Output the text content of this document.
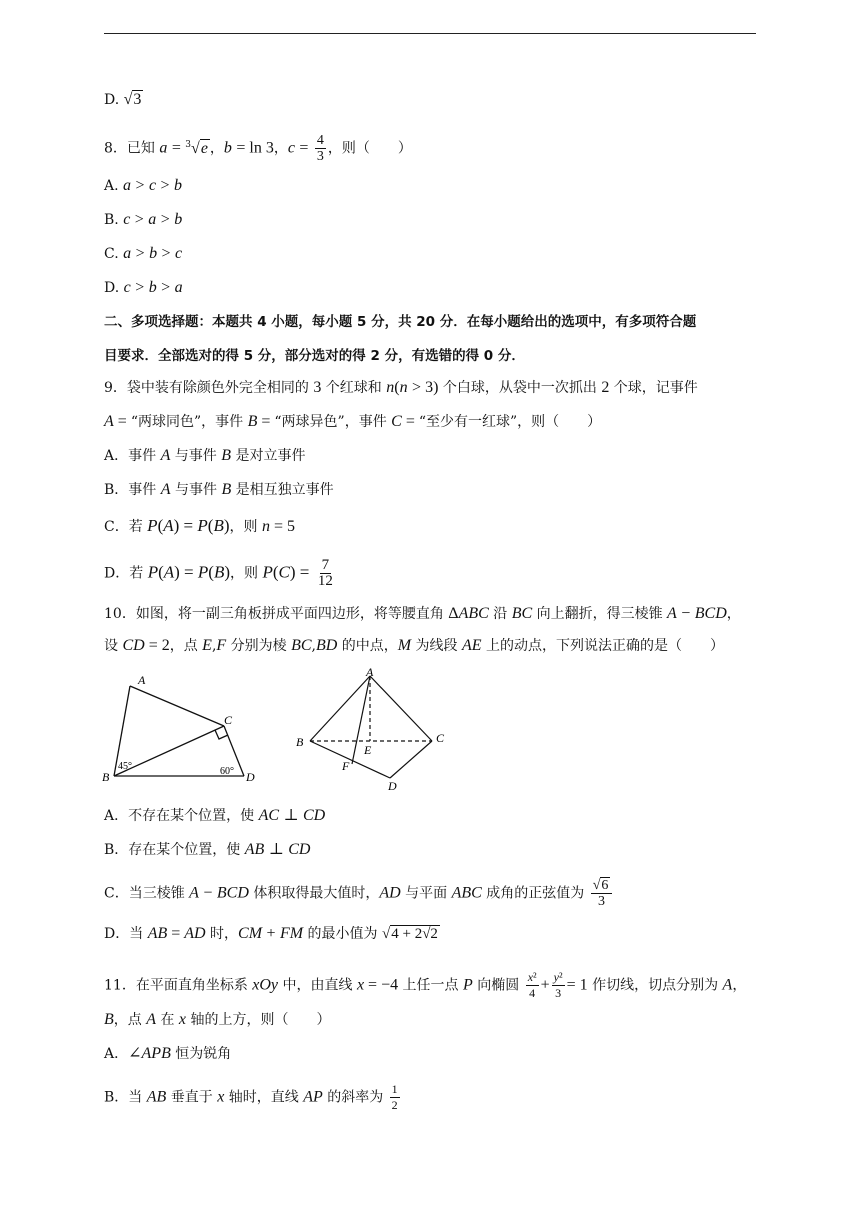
D. √3
8．已知 a = $^3$√e ，b = ln 3，$c = \frac{4}{3}$ ，则（　　）
A. a > c > b
B. c > a > b
C. a > b > c
D. c > b > a
二、多项选择题：本题共 4 小题，每小题 5 分，共 20 分．在每小题给出的选项中，有多项符合题
目要求．全部选对的得 5 分，部分选对的得 2 分，有选错的得 0 分．
9．袋中装有除颜色外完全相同的 3 个红球和 n(n > 3) 个白球，从袋中一次抓出 2 个球，记事件
A = “两球同色”，事件 B = “两球异色”，事件 C = “至少有一红球”，则（　　）
A．事件 A 与事件 B 是对立事件
B．事件 A 与事件 B 是相互独立事件
C．若 P(A) = P(B)，则 n = 5
D．若 P(A) = P(B)，则 $P(C) = \frac{7}{12}$
10．如图，将一副三角板拼成平面四边形，将等腰直角 ΔABC 沿 BC 向上翻折，得三棱锥 A − BCD，
设 CD = 2，点 E,F 分别为棱 BC,BD 的中点，M 为线段 AE 上的动点，下列说法正确的是（　　）
A
B
C
D
45°	60°
A
B	C
D
E
F
A．不存在某个位置，使 AC ⊥ CD
B．存在某个位置，使 AB ⊥ CD
C．当三棱锥 A − BCD 体积取得最大值时，AD 与平面 ABC 成角的正弦值为 $\frac{√6}{3}$
D．当 AB = AD 时，CM + FM 的最小值为 √4 + 2√2
11．在平面直角坐标系 xOy 中，由直线 x = −4 上任一点 P 向椭圆 $\frac{\text{x²}}{4} + \frac{\text{y²}}{3} = 1$ 作切线，切点分别为 A，
B，点 A 在 x 轴的上方，则（　　）
A．∠APB 恒为锐角
B．当 AB 垂直于 x 轴时，直线 AP 的斜率为 $\frac{1}{2}$
